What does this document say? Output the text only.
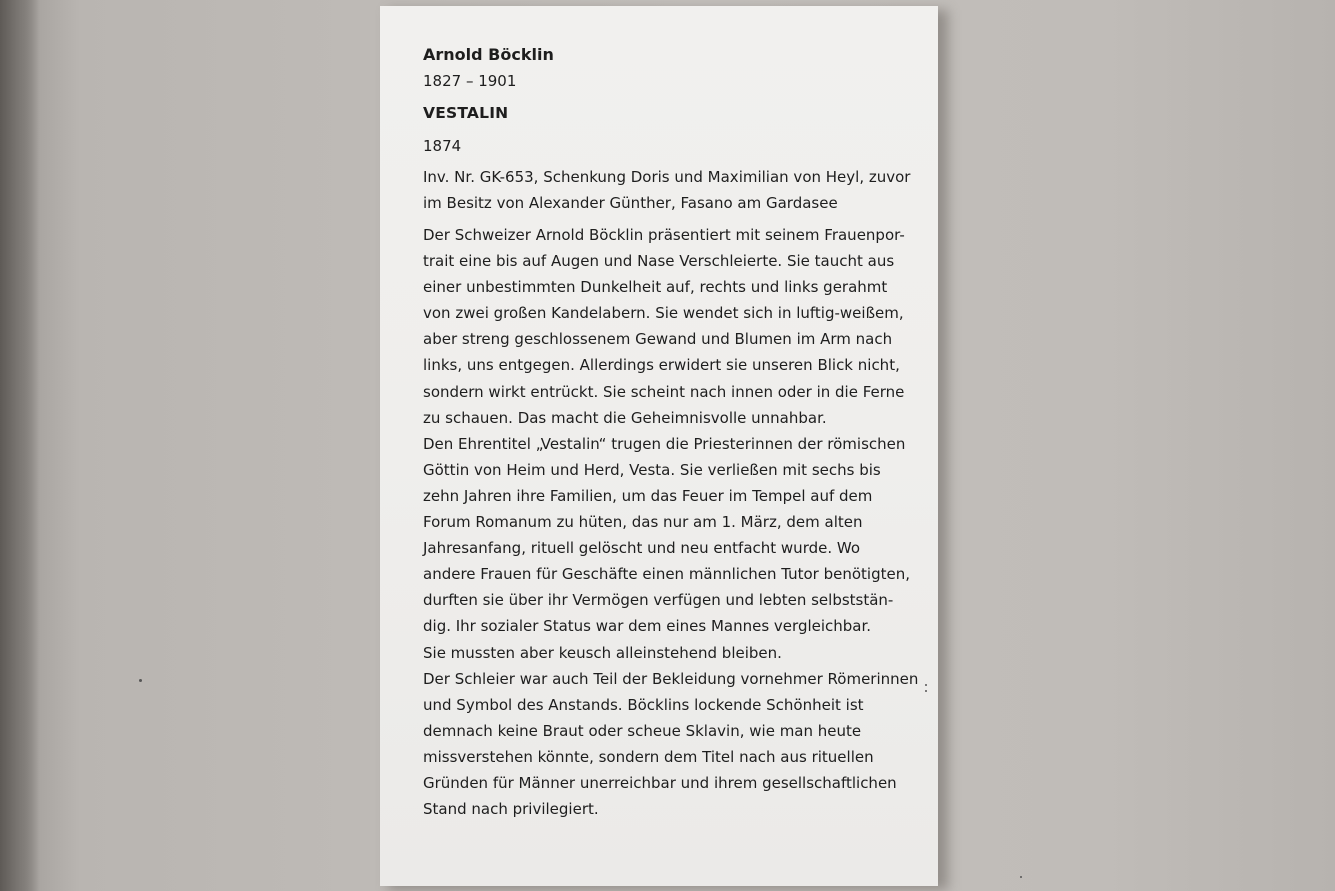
Arnold Böcklin

1827 – 1901

VESTALIN

1874

Inv. Nr. GK-653, Schenkung Doris und Maximilian von Heyl, zuvor
im Besitz von Alexander Günther, Fasano am Gardasee

Der Schweizer Arnold Böcklin präsentiert mit seinem Frauenpor-
trait eine bis auf Augen und Nase Verschleierte. Sie taucht aus
einer unbestimmten Dunkelheit auf, rechts und links gerahmt
von zwei großen Kandelabern. Sie wendet sich in luftig-weißem,
aber streng geschlossenem Gewand und Blumen im Arm nach
links, uns entgegen. Allerdings erwidert sie unseren Blick nicht,
sondern wirkt entrückt. Sie scheint nach innen oder in die Ferne
zu schauen. Das macht die Geheimnisvolle unnahbar.
Den Ehrentitel „Vestalin“ trugen die Priesterinnen der römischen
Göttin von Heim und Herd, Vesta. Sie verließen mit sechs bis
zehn Jahren ihre Familien, um das Feuer im Tempel auf dem
Forum Romanum zu hüten, das nur am 1. März, dem alten
Jahresanfang, rituell gelöscht und neu entfacht wurde. Wo
andere Frauen für Geschäfte einen männlichen Tutor benötigten,
durften sie über ihr Vermögen verfügen und lebten selbststän-
dig. Ihr sozialer Status war dem eines Mannes vergleichbar.
Sie mussten aber keusch alleinstehend bleiben.
Der Schleier war auch Teil der Bekleidung vornehmer Römerinnen
und Symbol des Anstands. Böcklins lockende Schönheit ist
demnach keine Braut oder scheue Sklavin, wie man heute
missverstehen könnte, sondern dem Titel nach aus rituellen
Gründen für Männer unerreichbar und ihrem gesellschaftlichen
Stand nach privilegiert.
